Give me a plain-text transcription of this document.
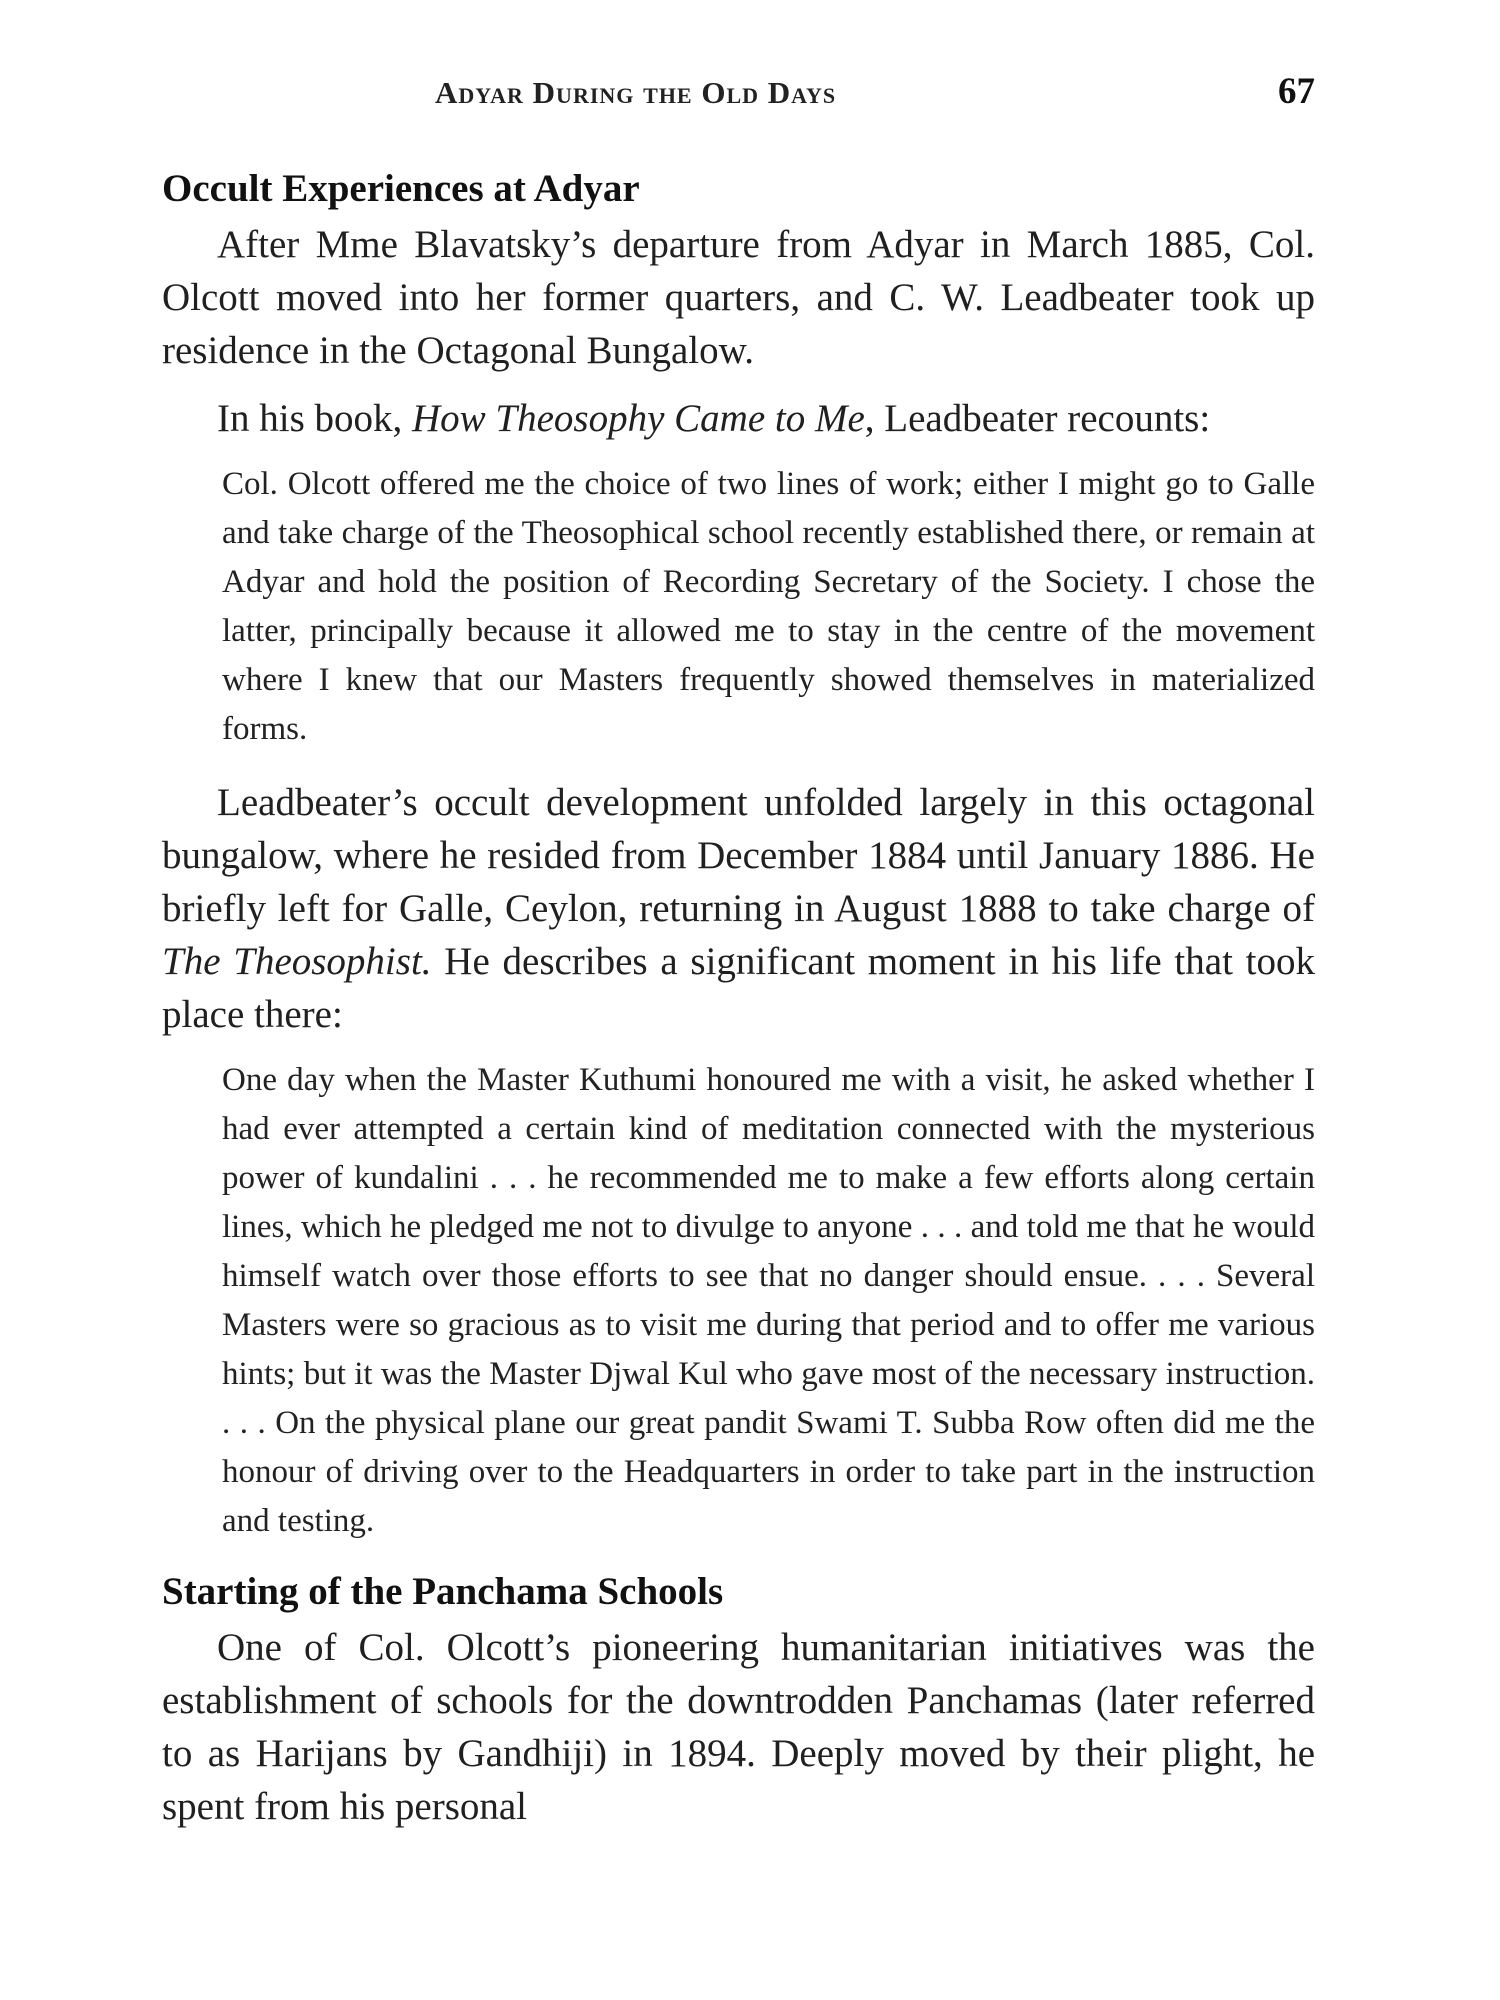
Adyar During the Old Days	67
Occult Experiences at Adyar

After Mme Blavatsky’s departure from Adyar in March 1885, Col. Olcott moved into her former quarters, and C. W. Leadbeater took up residence in the Octagonal Bungalow.

In his book, How Theosophy Came to Me, Leadbeater recounts:

Col. Olcott offered me the choice of two lines of work; either I might go to Galle and take charge of the Theosophical school recently established there, or remain at Adyar and hold the position of Recording Secretary of the Society. I chose the latter, principally because it allowed me to stay in the centre of the movement where I knew that our Masters frequently showed themselves in materialized forms.

Leadbeater’s occult development unfolded largely in this octagonal bungalow, where he resided from December 1884 until January 1886. He briefly left for Galle, Ceylon, returning in August 1888 to take charge of The Theosophist. He describes a significant moment in his life that took place there:

One day when the Master Kuthumi honoured me with a visit, he asked whether I had ever attempted a certain kind of meditation connected with the mysterious power of kundalini . . . he recommended me to make a few efforts along certain lines, which he pledged me not to divulge to anyone . . . and told me that he would himself watch over those efforts to see that no danger should ensue. . . . Several Masters were so gracious as to visit me during that period and to offer me various hints; but it was the Master Djwal Kul who gave most of the necessary instruction. . . . On the physical plane our great pandit Swami T. Subba Row often did me the honour of driving over to the Headquarters in order to take part in the instruction and testing.

Starting of the Panchama Schools

One of Col. Olcott’s pioneering humanitarian initiatives was the establishment of schools for the downtrodden Panchamas (later referred to as Harijans by Gandhiji) in 1894. Deeply moved by their plight, he spent from his personal
